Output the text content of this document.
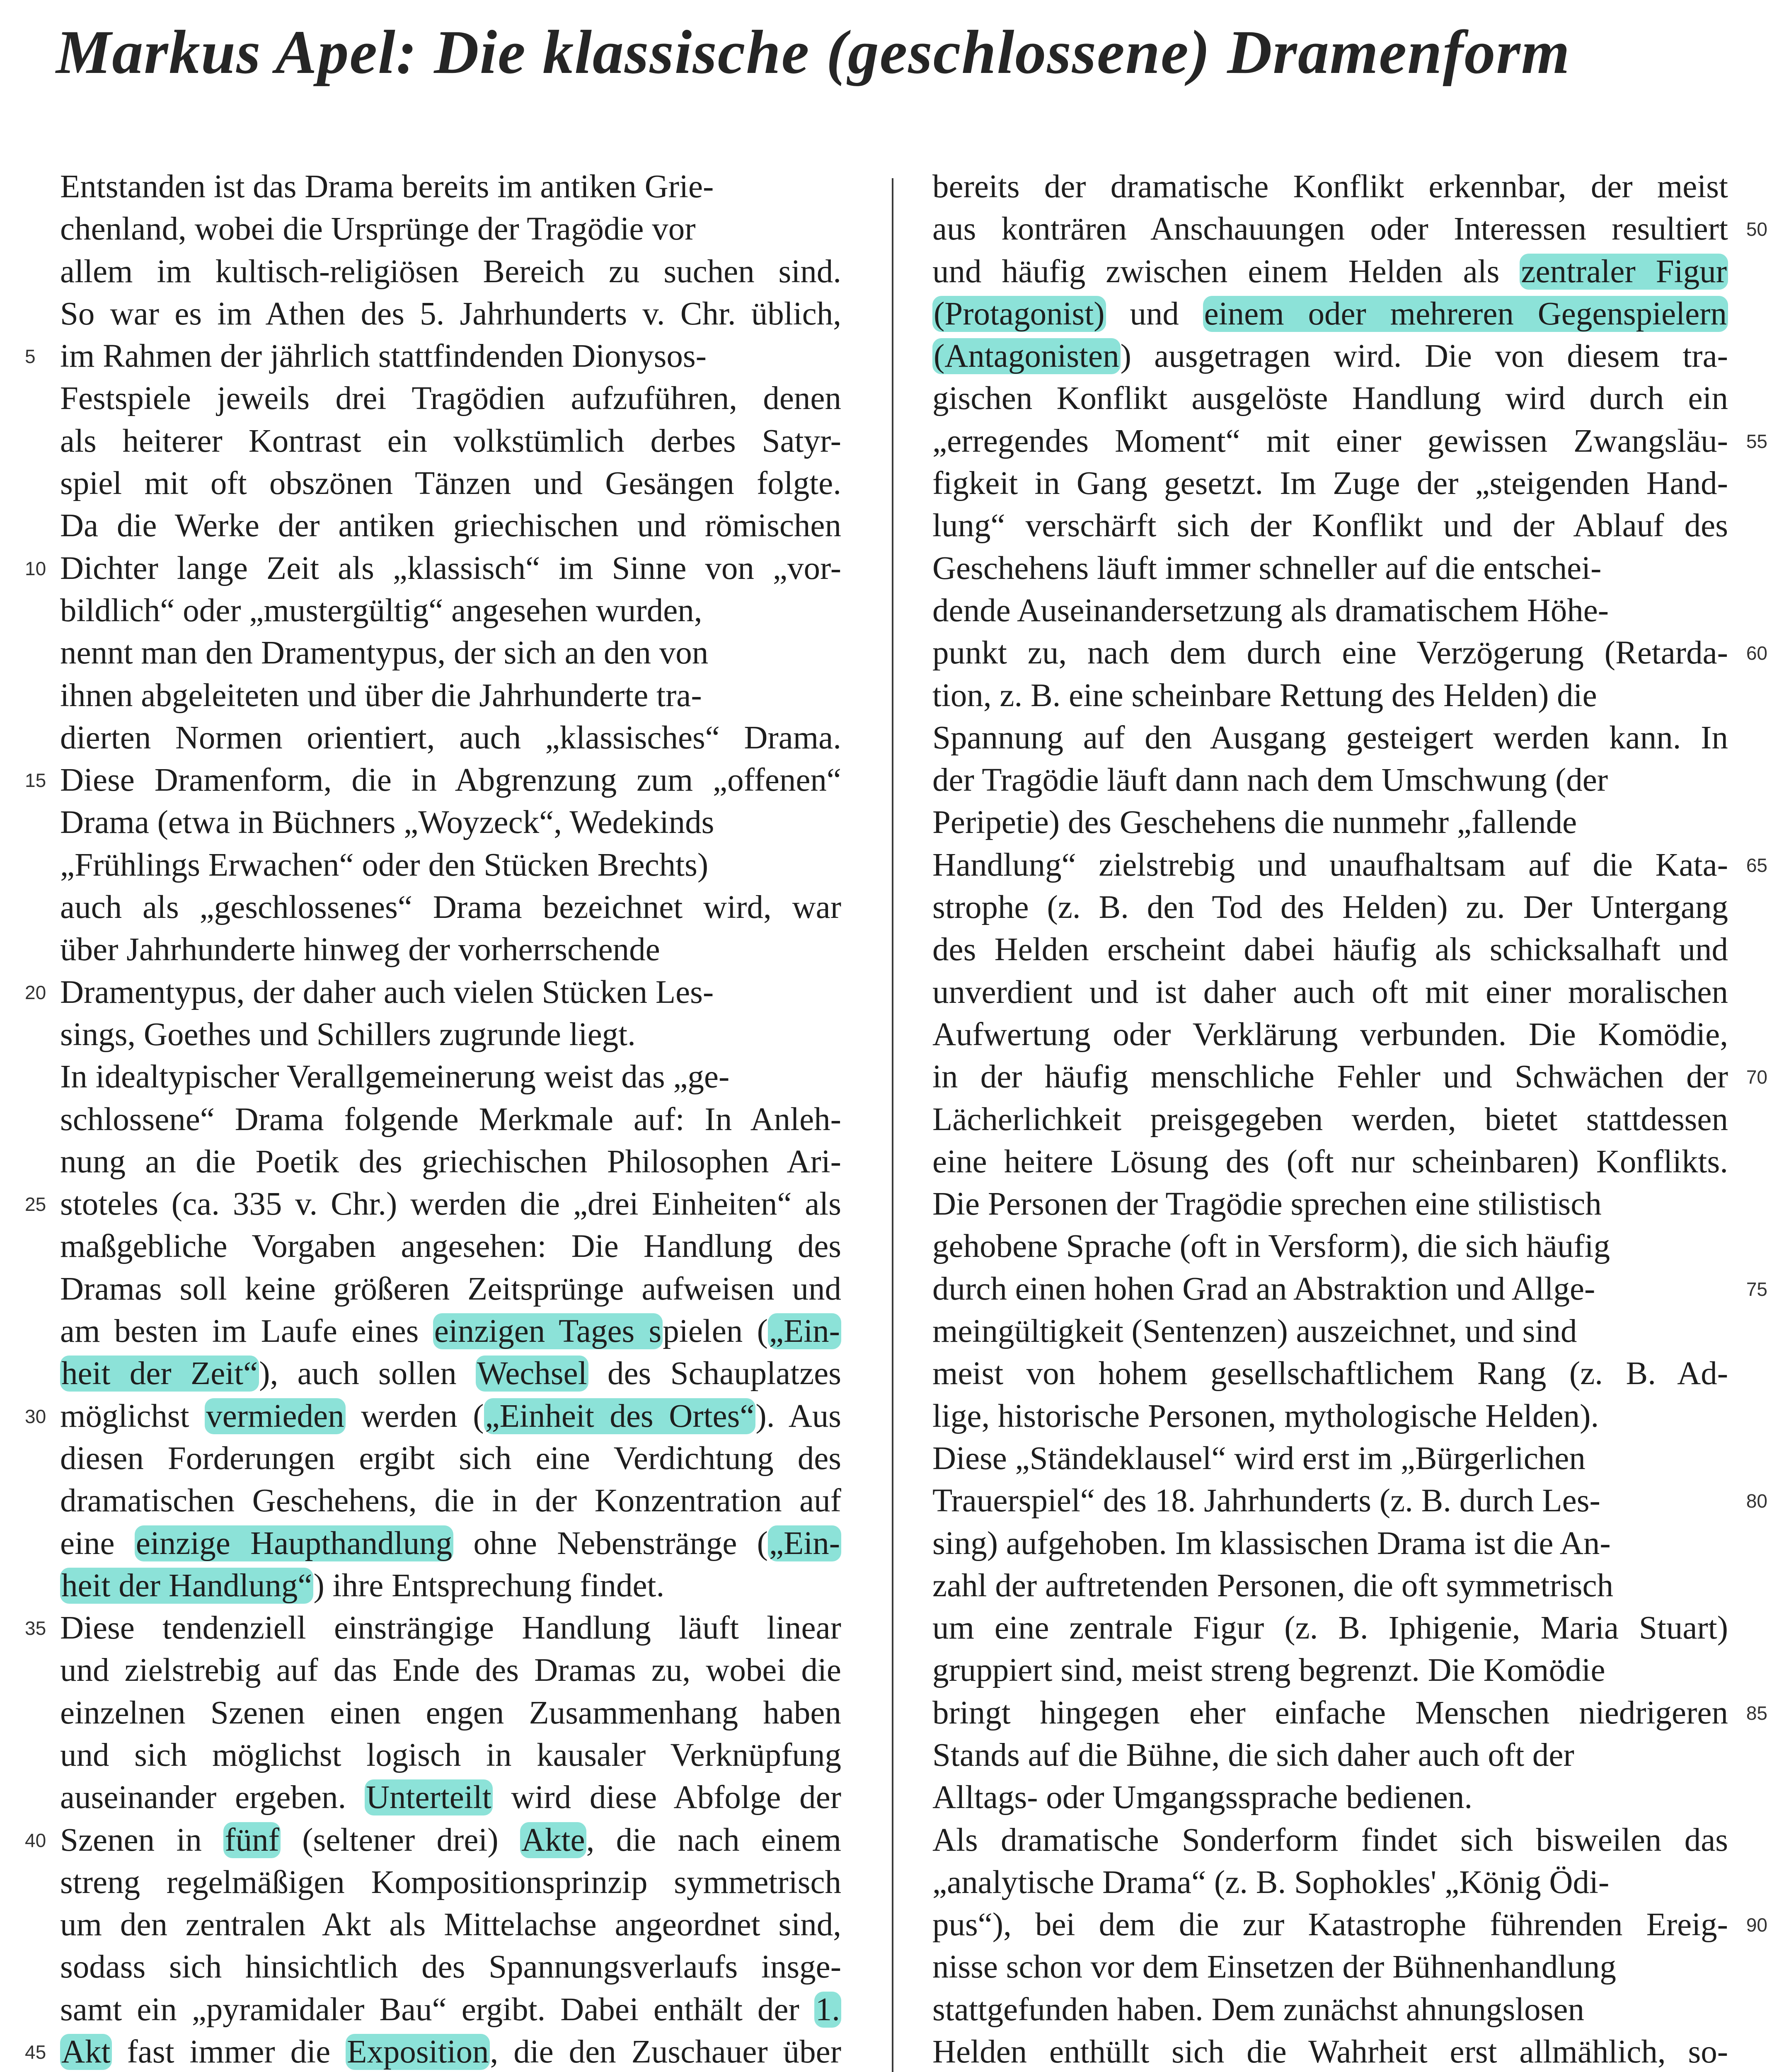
Markus Apel: Die klassische (geschlossene) Dramenform
Entstanden ist das Drama bereits im antiken Grie-
chenland, wobei die Ursprünge der Tragödie vor
allem im kultisch-religiösen Bereich zu suchen sind.
So war es im Athen des 5. Jahrhunderts v. Chr. üblich,
5 im Rahmen der jährlich stattfindenden Dionysos-
Festspiele jeweils drei Tragödien aufzuführen, denen
als heiterer Kontrast ein volkstümlich derbes Satyr-
spiel mit oft obszönen Tänzen und Gesängen folgte.
Da die Werke der antiken griechischen und römischen
10 Dichter lange Zeit als „klassisch“ im Sinne von „vor-
bildlich“ oder „mustergültig“ angesehen wurden,
nennt man den Dramentypus, der sich an den von
ihnen abgeleiteten und über die Jahrhunderte tra-
dierten Normen orientiert, auch „klassisches“ Drama.
15 Diese Dramenform, die in Abgrenzung zum „offenen“
Drama (etwa in Büchners „Woyzeck“, Wedekinds
„Frühlings Erwachen“ oder den Stücken Brechts)
auch als „geschlossenes“ Drama bezeichnet wird, war
über Jahrhunderte hinweg der vorherrschende
20 Dramentypus, der daher auch vielen Stücken Les-
sings, Goethes und Schillers zugrunde liegt.
In idealtypischer Verallgemeinerung weist das „ge-
schlossene“ Drama folgende Merkmale auf: In Anleh-
nung an die Poetik des griechischen Philosophen Ari-
25 stoteles (ca. 335 v. Chr.) werden die „drei Einheiten“ als
maßgebliche Vorgaben angesehen: Die Handlung des
Dramas soll keine größeren Zeitsprünge aufweisen und
am besten im Laufe eines einzigen Tages spielen („Ein-
heit der Zeit“), auch sollen Wechsel des Schauplatzes
30 möglichst vermieden werden („Einheit des Ortes“). Aus
diesen Forderungen ergibt sich eine Verdichtung des
dramatischen Geschehens, die in der Konzentration auf
eine einzige Haupthandlung ohne Nebenstränge („Ein-
heit der Handlung“) ihre Entsprechung findet.
35 Diese tendenziell einsträngige Handlung läuft linear
und zielstrebig auf das Ende des Dramas zu, wobei die
einzelnen Szenen einen engen Zusammenhang haben
und sich möglichst logisch in kausaler Verknüpfung
auseinander ergeben. Unterteilt wird diese Abfolge der
40 Szenen in fünf (seltener drei) Akte, die nach einem
streng regelmäßigen Kompositionsprinzip symmetrisch
um den zentralen Akt als Mittelachse angeordnet sind,
sodass sich hinsichtlich des Spannungsverlaufs insge-
samt ein „pyramidaler Bau“ ergibt. Dabei enthält der 1.
45 Akt fast immer die Exposition, die den Zuschauer über
bereits der dramatische Konflikt erkennbar, der meist
50
aus konträren Anschauungen oder Interessen resultiert
und häufig zwischen einem Helden als zentraler Figur
(Protagonist) und einem oder mehreren Gegenspielern
(Antagonisten) ausgetragen wird. Die von diesem tra-
gischen Konflikt ausgelöste Handlung wird durch ein
55
„erregendes Moment“ mit einer gewissen Zwangsläu-
figkeit in Gang gesetzt. Im Zuge der „steigenden Hand-
lung“ verschärft sich der Konflikt und der Ablauf des
Geschehens läuft immer schneller auf die entschei-
dende Auseinandersetzung als dramatischem Höhe-
60
punkt zu, nach dem durch eine Verzögerung (Retarda-
tion, z. B. eine scheinbare Rettung des Helden) die
Spannung auf den Ausgang gesteigert werden kann. In
der Tragödie läuft dann nach dem Umschwung (der
Peripetie) des Geschehens die nunmehr „fallende
65
Handlung“ zielstrebig und unaufhaltsam auf die Kata-
strophe (z. B. den Tod des Helden) zu. Der Untergang
des Helden erscheint dabei häufig als schicksalhaft und
unverdient und ist daher auch oft mit einer moralischen
Aufwertung oder Verklärung verbunden. Die Komödie,
70
in der häufig menschliche Fehler und Schwächen der
Lächerlichkeit preisgegeben werden, bietet stattdessen
eine heitere Lösung des (oft nur scheinbaren) Konflikts.
Die Personen der Tragödie sprechen eine stilistisch
gehobene Sprache (oft in Versform), die sich häufig
75
durch einen hohen Grad an Abstraktion und Allge-
meingültigkeit (Sentenzen) auszeichnet, und sind
meist von hohem gesellschaftlichem Rang (z. B. Ad-
lige, historische Personen, mythologische Helden).
Diese „Ständeklausel“ wird erst im „Bürgerlichen
80
Trauerspiel“ des 18. Jahrhunderts (z. B. durch Les-
sing) aufgehoben. Im klassischen Drama ist die An-
zahl der auftretenden Personen, die oft symmetrisch
um eine zentrale Figur (z. B. Iphigenie, Maria Stuart)
gruppiert sind, meist streng begrenzt. Die Komödie
85
bringt hingegen eher einfache Menschen niedrigeren
Stands auf die Bühne, die sich daher auch oft der
Alltags- oder Umgangssprache bedienen.
Als dramatische Sonderform findet sich bisweilen das
„analytische Drama“ (z. B. Sophokles' „König Ödi-
90
pus“), bei dem die zur Katastrophe führenden Ereig-
nisse schon vor dem Einsetzen der Bühnenhandlung
stattgefunden haben. Dem zunächst ahnungslosen
Helden enthüllt sich die Wahrheit erst allmählich, so-
